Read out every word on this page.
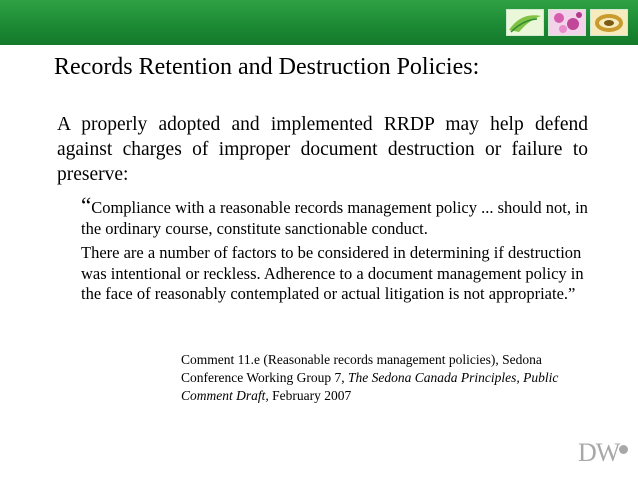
Records Retention and Destruction Policies:
A properly adopted and implemented RRDP may help defend against charges of improper document destruction or failure to preserve:

“Compliance with a reasonable records management policy ... should not, in the ordinary course, constitute sanctionable conduct.

There are a number of factors to be considered in determining if destruction was intentional or reckless. Adherence to a document management policy in the face of reasonably contemplated or actual litigation is not appropriate.”

Comment 11.e (Reasonable records management policies), Sedona Conference Working Group 7, The Sedona Canada Principles, Public Comment Draft, February 2007
DW
